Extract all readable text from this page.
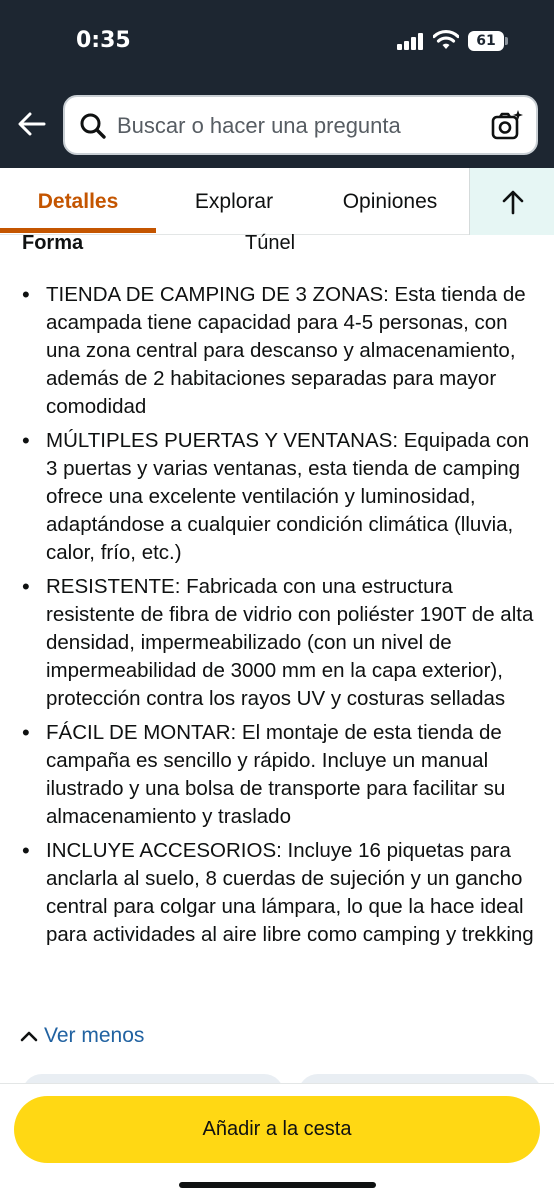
0:35	61
Buscar o hacer una pregunta
Detalles	Explorar	Opiniones
Forma	Túnel
• TIENDA DE CAMPING DE 3 ZONAS: Esta tienda de acampada tiene capacidad para 4-5 personas, con una zona central para descanso y almacenamiento, además de 2 habitaciones separadas para mayor comodidad
• MÚLTIPLES PUERTAS Y VENTANAS: Equipada con 3 puertas y varias ventanas, esta tienda de camping ofrece una excelente ventilación y luminosidad, adaptándose a cualquier condición climática (lluvia, calor, frío, etc.)
• RESISTENTE: Fabricada con una estructura resistente de fibra de vidrio con poliéster 190T de alta densidad, impermeabilizado (con un nivel de impermeabilidad de 3000 mm en la capa exterior), protección contra los rayos UV y costuras selladas
• FÁCIL DE MONTAR: El montaje de esta tienda de campaña es sencillo y rápido. Incluye un manual ilustrado y una bolsa de transporte para facilitar su almacenamiento y traslado
• INCLUYE ACCESORIOS: Incluye 16 piquetas para anclarla al suelo, 8 cuerdas de sujeción y un gancho central para colgar una lámpara, lo que la hace ideal para actividades al aire libre como camping y trekking
Ver menos
Añadir a la cesta
